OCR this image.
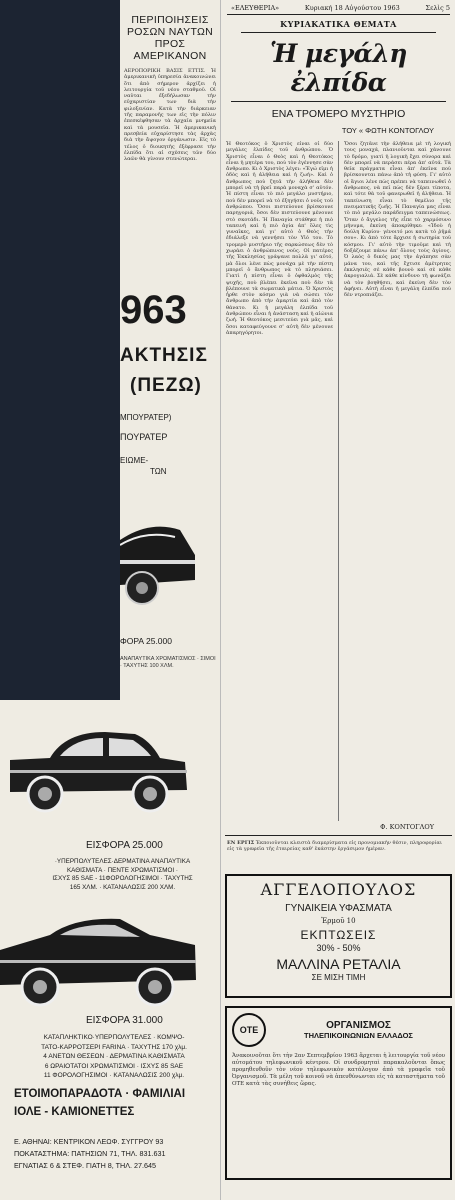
ΠΕΡΙΠΟΙΗΣΕΙΣ
ΡΟΣΩΝ ΝΑΥΤΩΝ
ΠΡΟΣ ΑΜΕΡΙΚΑΝΟΝ
ΑΕΡΟΠΟΡΙΚΗ ΒΑΣΙΣ ΕΤΤΙΣ. Ἡ ἀμερικανικὴ ὑπηρεσία ἀνακοινώνει ὅτι ἀπὸ σήμερον ἀρχίζει ἡ λειτουργία τοῦ νέου σταθμοῦ. Οἱ ναῦται ἐξεδήλωσαν τὴν εὐχαριστίαν των διὰ τὴν φιλοξενίαν. Κατὰ τὴν διάρκειαν τῆς παραμονῆς των εἰς τὴν πόλιν ἐπεσκέφθησαν τὰ ἀρχαῖα μνημεῖα καὶ τὰ μουσεῖα. Ἡ ἀμερικανικὴ πρεσβεία εὐχαρίστησε τὰς ἀρχὰς διὰ τὴν ἄψογον ὀργάνωσιν. Εἰς τὸ τέλος ὁ διοικητὴς ἐξέφρασε τὴν ἐλπίδα ὅτι αἱ σχέσεις τῶν δύο λαῶν θὰ γίνουν στενώτεραι.
963
ΑΚΤΗΣΙΣ
(ΠΕΖΩ)
ΜΠΟΥΡΑΤΕΡ)
ΠΟΥΡΑΤΕΡ
ΕΙΩΜΕ-
ΤΩΝ
ΦΟΡΑ 25.000
ΑΝΑΠΑΥΤΙΚΑ ΧΡΩΜΑΤΙΣΜΟΣ · ΣΙΜΟΙ · ΤΑΧΥΤΗΣ 100 ΧΛΜ.
ΕΙΣΦΟΡΑ 25.000
·ΥΠΕΡΠΟΛΥΤΕΛΕΣ·ΔΕΡΜΑΤΙΝΑ ΑΝΑΠΑΥΤΙΚΑ
ΚΑΘΙΣΜΑΤΑ · ΠΕΝΤΕ ΧΡΩΜΑΤΙΣΜΟΙ ·
ΙΣΧΥΣ 85 SAE - 11ΦΟΡΟΛΟΓΗΣΙΜΟΙ · ΤΑΧΥΤΗΣ
165 ΧΛΜ. · ΚΑΤΑΝΑΛΩΣΙΣ 200 ΧΛΜ.
ΕΙΣΦΟΡΑ 31.000
ΚΑΤΑΠΛΗΚΤΙΚΟ·ΥΠΕΡΠΟΛΥΤΕΛΕΣ · ΚΟΜΨΟ-
ΤΑΤΟ-ΚΑΡΡΟΤΣΕΡΙ FARINA · ΤΑΧΥΤΗΣ 170 χλμ.
4 ΑΝΕΤΩΝ ΘΕΣΕΩΝ · ΔΕΡΜΑΤΙΝΑ ΚΑΘΙΣΜΑΤΑ
6 ΩΡΑΙΟΤΑΤΟΙ ΧΡΩΜΑΤΙΣΜΟΙ · ΙΣΧΥΣ 85 SAE
11 ΦΟΡΟΛΟΓΗΣΙΜΟΙ · ΚΑΤΑΝΑΛΩΣΙΣ 200 χλμ.
ΕΤΟΙΜΟΠΑΡΑΔΟΤΑ · ΦΑΜΙΛΙΑΙ
ΙΟΛΕ - ΚΑΜΙΟΝΕΤΤΕΣ
Ε. ΑΘΗΝΑΙ: ΚΕΝΤΡΙΚΟΝ ΛΕΩΦ. ΣΥΓΓΡΟΥ 93
ΠΟΚΑΤΑΣΤΗΜΑ: ΠΑΤΗΣΙΩΝ 71, ΤΗΛ. 831.631
ΕΓΝΑΤΙΑΣ 6 & ΣΤΕΦ. ΓΙΑΤΗ 8, ΤΗΛ. 27.645
«ΕΛΕΥΘΕΡΙΑ»	Κυριακή 18 Αὐγούστου 1963	Σελὶς 5
ΚΥΡΙΑΚΑΤΙΚΑ ΘΕΜΑΤΑ
Ἡ μεγάλη ἐλπίδα
ΕΝΑ ΤΡΟΜΕΡΟ ΜΥΣΤΗΡΙΟ
ΤΟΥ « ΦΩΤΗ ΚΟΝΤΟΓΛΟΥ
Ἡ Θεοτόκος ὁ Χριστὸς εἶναι οἱ δύο μεγάλες ἐλπίδες τοῦ ἀνθρώπου. Ὁ Χριστὸς εἶναι ὁ Θεὸς καὶ ἡ Θεοτόκος εἶναι ἡ μητέρα του, ποὺ τὸν ἐγέννησε σὰν ἄνθρωπο. Κι ὁ Χριστὸς λέγει: «Ἐγώ εἰμι ἡ ὁδὸς καὶ ἡ ἀλήθεια καὶ ἡ ζωή». Καὶ ὁ ἄνθρωπος ποὺ ζητᾶ τὴν ἀλήθεια δὲν μπορεῖ νὰ τὴ βρεῖ παρὰ μοναχὰ σ' αὐτόν. Ἡ πίστη εἶναι τὸ πιὸ μεγάλο μυστήριο, ποὺ δὲν μπορεῖ νὰ τὸ ἐξηγήσει ὁ νοῦς τοῦ ἀνθρώπου. Ὅσοι πιστεύουνε βρίσκουνε παρηγοριά, ὅσοι δὲν πιστεύουνε μένουνε στὸ σκοτάδι. Ἡ Παναγία στάθηκε ἡ πιὸ ταπεινὴ καὶ ἡ πιὸ ἁγία ἀπ' ὅλες τὶς γυναῖκες, καὶ γι' αὐτὸ ὁ Θεὸς τὴν ἐδιάλεξε νὰ γεννήσει τὸν Υἱό του. Τὸ τρομερὸ μυστήριο τῆς σαρκώσεως δὲν τὸ χωράει ὁ ἀνθρώπινος νοῦς. Οἱ πατέρες τῆς Ἐκκλησίας γράψανε πολλὰ γι' αὐτό, μὰ ὅλοι λένε πὼς μονάχα μὲ τὴν πίστη μπορεῖ ὁ ἄνθρωπος νὰ τὸ πλησιάσει. Γιατὶ ἡ πίστη εἶναι ὁ ὀφθαλμὸς τῆς ψυχῆς, ποὺ βλέπει ἐκεῖνα ποὺ δὲν τὰ βλέπουνε τὰ σωματικὰ μάτια. Ὁ Χριστὸς ἦρθε στὸν κόσμο γιὰ νὰ σώσει τὸν ἄνθρωπο ἀπὸ τὴν ἁμαρτία καὶ ἀπὸ τὸν θάνατο. Κι ἡ μεγάλη ἐλπίδα τοῦ ἀνθρώπου εἶναι ἡ ἀνάσταση καὶ ἡ αἰώνια ζωή. Ἡ Θεοτόκος μεσιτεύει γιὰ μᾶς, καὶ ὅσοι καταφεύγουνε σ' αὐτὴ δὲν μένουνε ἀπαρηγόρητοι.
Ὅσοι ζητᾶνε τὴν ἀλήθεια μὲ τὴ λογική τους μοναχά, πλανιοῦνται καὶ χάνουνε τὸ δρόμο, γιατὶ ἡ λογικὴ ἔχει σύνορα καὶ δὲν μπορεῖ νὰ περάσει πέρα ἀπ' αὐτά. Τὰ θεῖα πράγματα εἶναι ἀπ' ἐκεῖνα ποὺ βρίσκουνται πάνω ἀπὸ τὴ φύση. Γι' αὐτὸ οἱ ἅγιοι λένε πὼς πρέπει νὰ ταπεινωθεῖ ὁ ἄνθρωπος, νὰ πεῖ πὼς δὲν ξέρει τίποτα, καὶ τότε θὰ τοῦ φανερωθεῖ ἡ ἀλήθεια. Ἡ ταπείνωση εἶναι τὸ θεμέλιο τῆς πνευματικῆς ζωῆς. Ἡ Παναγία μας εἶναι τὸ πιὸ μεγάλο παράδειγμα ταπεινώσεως. Ὅταν ὁ ἄγγελος τῆς εἶπε τὸ χαρμόσυνο μήνυμα, ἐκείνη ἀποκρίθηκε: «Ἰδοὺ ἡ δούλη Κυρίου· γένοιτό μοι κατὰ τὸ ῥῆμά σου». Κι ἀπὸ τότε ἄρχισε ἡ σωτηρία τοῦ κόσμου. Γι' αὐτὸ τὴν τιμοῦμε καὶ τὴ δοξάζουμε πάνω ἀπ' ὅλους τοὺς ἁγίους. Ὁ λαὸς ὁ δικός μας τὴν ἀγάπησε σὰν μάνα του, καὶ τῆς ἔχτισε ἀμέτρητες ἐκκλησιές σὲ κάθε βουνὸ καὶ σὲ κάθε ἀκρογιαλιά. Σὲ κάθε κίνδυνο τὴ φωνάζει νὰ τὸν βοηθήσει, καὶ ἐκείνη δὲν τὸν ἀφήνει. Αὐτὴ εἶναι ἡ μεγάλη ἐλπίδα ποὺ δὲν ντροπιάζει.
Φ. ΚΟΝΤΟΓΛΟΥ
ΕΝ ΕΡΓΙΣ Ἐκποιοῦνται κλειστὰ διαμερίσματα εἰς προνομιακὴν θέσιν, πληροφορίαι εἰς τὰ γραφεῖα τῆς ἐταιρείας καθ' ἑκάστην ἐργάσιμον ἡμέραν.
ΑΓΓΕΛΟΠΟΥΛΟΣ
ΓΥΝΑΙΚΕΙΑ ΥΦΑΣΜΑΤΑ
Ἑρμοῦ 10
ΕΚΠΤΩΣΕΙΣ
30% - 50%
ΜΑΛΛΙΝΑ ΡΕΤΑΛΙΑ
ΣΕ ΜΙΣΗ ΤΙΜΗ
ΟΤΕ	ΟΡΓΑΝΙΣΜΟΣ
ΤΗΛΕΠΙΚΟΙΝΩΝΙΩΝ ΕΛΛΑΔΟΣ
Ἀνακοινοῦται ὅτι τὴν 2αν Σεπτεμβρίου 1963 ἄρχεται ἡ λειτουργία τοῦ νέου αὐτομάτου τηλεφωνικοῦ κέντρου. Οἱ συνδρομηταὶ παρακαλοῦνται ὅπως προμηθευθοῦν τὸν νέον τηλεφωνικὸν κατάλογον ἀπὸ τὰ γραφεῖα τοῦ Ὀργανισμοῦ. Τὰ μέλη τοῦ κοινοῦ νὰ ἀπευθύνωνται εἰς τὰ καταστήματα τοῦ ΟΤΕ κατὰ τὰς συνήθεις ὥρας.
